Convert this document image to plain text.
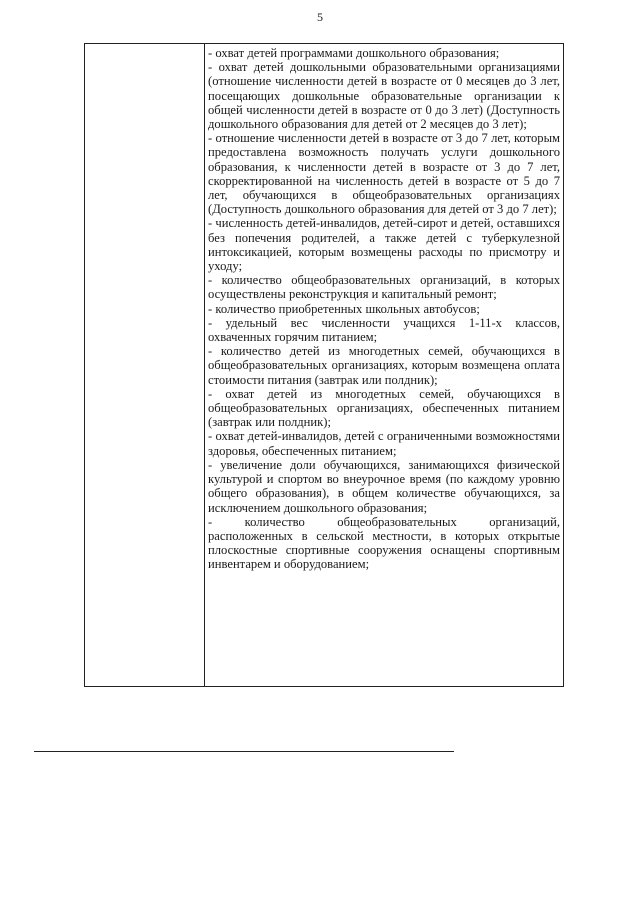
5

- охват детей программами дошкольного образования;

- охват детей дошкольными образовательными организациями (отношение численности детей в возрасте от 0 месяцев до 3 лет, посещающих дошкольные образовательные организации к общей численности детей в возрасте от 0 до 3 лет) (Доступность дошкольного образования для детей от 2 месяцев до 3 лет);

- отношение численности детей в возрасте от 3 до 7 лет, которым предоставлена возможность получать услуги дошкольного образования, к численности детей в возрасте от 3 до 7 лет, скорректированной на численность детей в возрасте от 5 до 7 лет, обучающихся в общеобразовательных организациях (Доступность дошкольного образования для детей от 3 до 7 лет);

- численность детей-инвалидов, детей-сирот и детей, оставшихся без попечения родителей, а также детей с туберкулезной интоксикацией, которым возмещены расходы по присмотру и уходу;

- количество общеобразовательных организаций, в которых осуществлены реконструкция и капитальный ремонт;

- количество приобретенных школьных автобусов;

- удельный вес численности учащихся 1-11-х классов, охваченных горячим питанием;

- количество детей из многодетных семей, обучающихся в общеобразовательных организациях, которым возмещена оплата стоимости питания (завтрак или полдник);

- охват детей из многодетных семей, обучающихся в общеобразовательных организациях, обеспеченных питанием (завтрак или полдник);

- охват детей-инвалидов, детей с ограниченными возможностями здоровья, обеспеченных питанием;

- увеличение доли обучающихся, занимающихся физической культурой и спортом во внеурочное время (по каждому уровню общего образования), в общем количестве обучающихся, за исключением дошкольного образования;

- количество общеобразовательных организаций, расположенных в сельской местности, в которых открытые плоскостные спортивные сооружения оснащены спортивным инвентарем и оборудованием;
